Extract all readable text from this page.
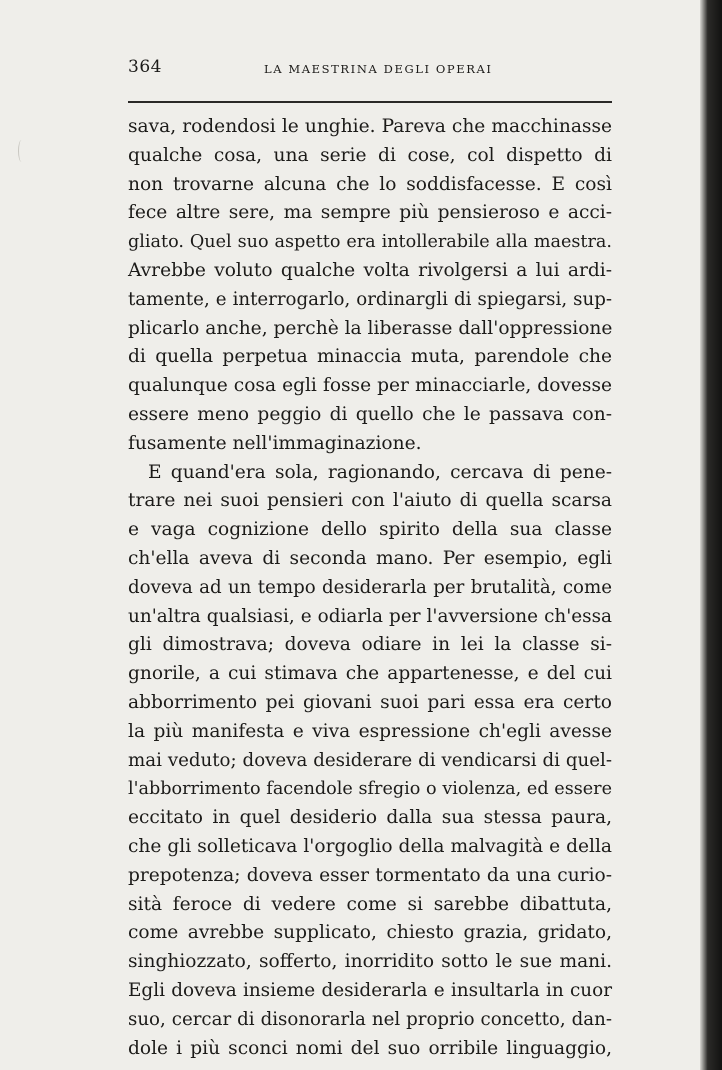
364	LA MAESTRINA DEGLI OPERAI
sava, rodendosi le unghie. Pareva che macchinasse
qualche cosa, una serie di cose, col dispetto di
non trovarne alcuna che lo soddisfacesse. E così
fece altre sere, ma sempre più pensieroso e acci-
gliato. Quel suo aspetto era intollerabile alla maestra.
Avrebbe voluto qualche volta rivolgersi a lui ardi-
tamente, e interrogarlo, ordinargli di spiegarsi, sup-
plicarlo anche, perchè la liberasse dall'oppressione
di quella perpetua minaccia muta, parendole che
qualunque cosa egli fosse per minacciarle, dovesse
essere meno peggio di quello che le passava con-
fusamente nell'immaginazione.
E quand'era sola, ragionando, cercava di pene-
trare nei suoi pensieri con l'aiuto di quella scarsa
e vaga cognizione dello spirito della sua classe
ch'ella aveva di seconda mano. Per esempio, egli
doveva ad un tempo desiderarla per brutalità, come
un'altra qualsiasi, e odiarla per l'avversione ch'essa
gli dimostrava; doveva odiare in lei la classe si-
gnorile, a cui stimava che appartenesse, e del cui
abborrimento pei giovani suoi pari essa era certo
la più manifesta e viva espressione ch'egli avesse
mai veduto; doveva desiderare di vendicarsi di quel-
l'abborrimento facendole sfregio o violenza, ed essere
eccitato in quel desiderio dalla sua stessa paura,
che gli solleticava l'orgoglio della malvagità e della
prepotenza; doveva esser tormentato da una curio-
sità feroce di vedere come si sarebbe dibattuta,
come avrebbe supplicato, chiesto grazia, gridato,
singhiozzato, sofferto, inorridito sotto le sue mani.
Egli doveva insieme desiderarla e insultarla in cuor
suo, cercar di disonorarla nel proprio concetto, dan-
dole i più sconci nomi del suo orribile linguaggio,
